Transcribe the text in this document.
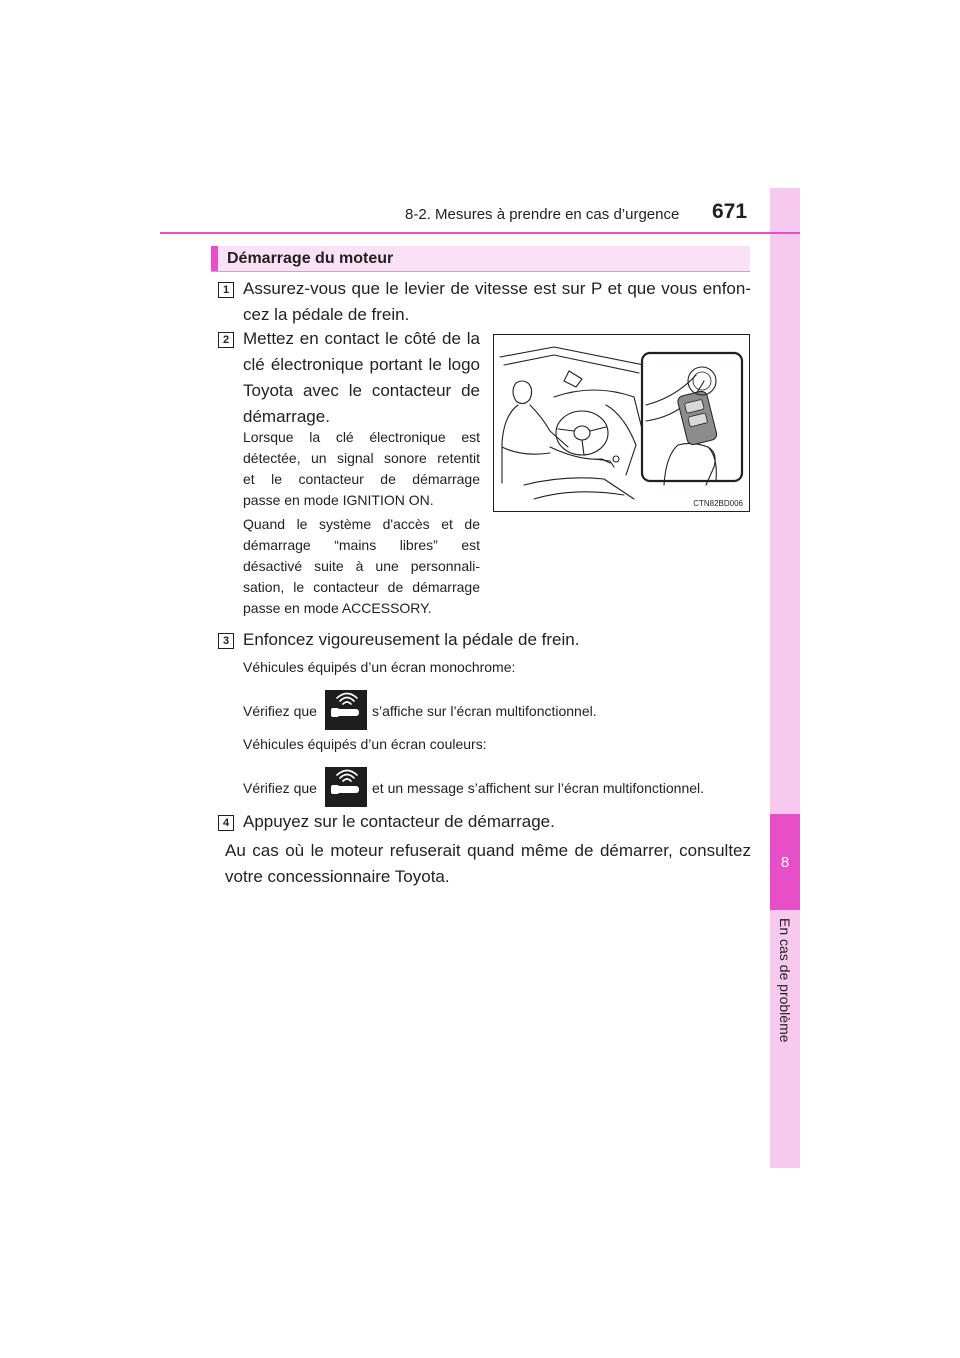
8
En cas de problème
8-2. Mesures à prendre en cas d’urgence 671
Démarrage du moteur
1 Assurez-vous que le levier de vitesse est sur P et que vous enfon-
cez la pédale de frein.
2 Mettez en contact le côté de la
clé électronique portant le logo
Toyota avec le contacteur de
démarrage.
Lorsque la clé électronique est
détectée, un signal sonore retentit
et le contacteur de démarrage
passe en mode IGNITION ON.
Quand le système d'accès et de
démarrage “mains libres” est
désactivé suite à une personnali-
sation, le contacteur de démarrage
passe en mode ACCESSORY.
CTN82BD006
3 Enfoncez vigoureusement la pédale de frein.
Véhicules équipés d’un écran monochrome:
Vérifiez que	s’affiche sur l’écran multifonctionnel.
Véhicules équipés d’un écran couleurs:
Vérifiez que	et un message s’affichent sur l’écran multifonctionnel.
4 Appuyez sur le contacteur de démarrage.
Au cas où le moteur refuserait quand même de démarrer, consultez
votre concessionnaire Toyota.
